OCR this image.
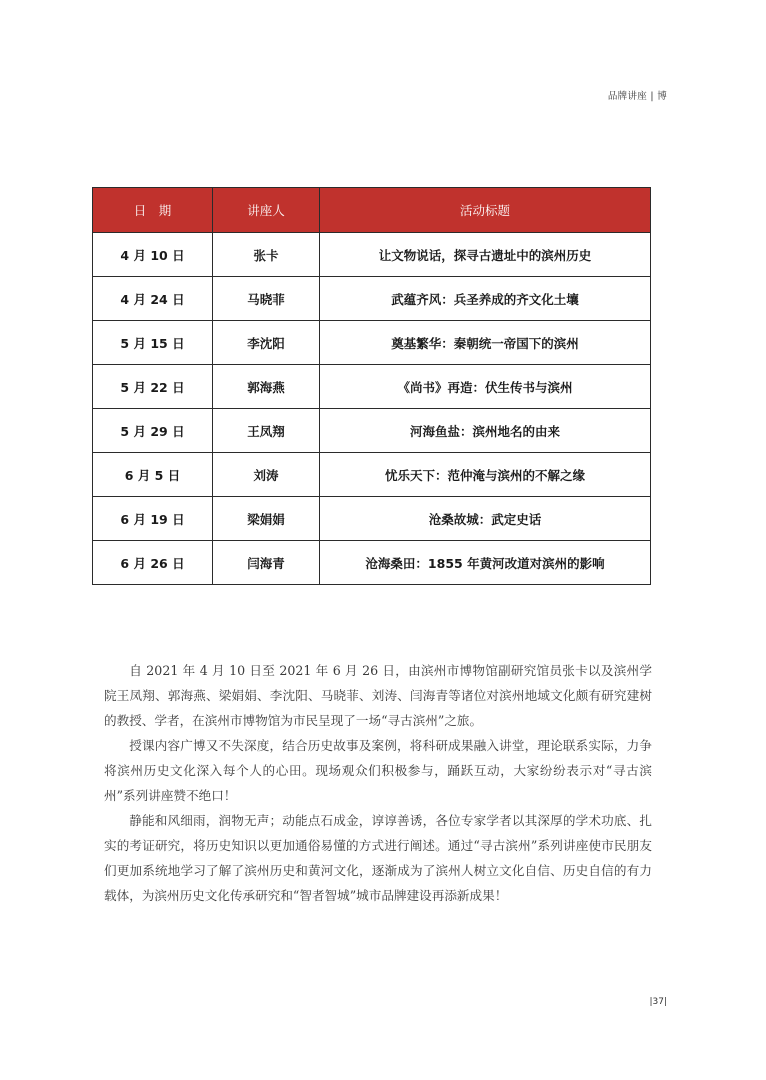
品牌讲座 | 博
日　期	讲座人	活动标题
4 月 10 日	张卡	让文物说话，探寻古遗址中的滨州历史
4 月 24 日	马晓菲	武蕴齐风：兵圣养成的齐文化土壤
5 月 15 日	李沈阳	奠基繁华：秦朝统一帝国下的滨州
5 月 22 日	郭海燕	《尚书》再造：伏生传书与滨州
5 月 29 日	王凤翔	河海鱼盐：滨州地名的由来
6 月 5 日	刘涛	忧乐天下：范仲淹与滨州的不解之缘
6 月 19 日	梁娟娟	沧桑故城：武定史话
6 月 26 日	闫海青	沧海桑田：1855 年黄河改道对滨州的影响

自 2021 年 4 月 10 日至 2021 年 6 月 26 日，由滨州市博物馆副研究馆员张卡以及滨州学院王凤翔、郭海燕、梁娟娟、李沈阳、马晓菲、刘涛、闫海青等诸位对滨州地域文化颇有研究建树的教授、学者，在滨州市博物馆为市民呈现了一场“寻古滨州”之旅。

授课内容广博又不失深度，结合历史故事及案例，将科研成果融入讲堂，理论联系实际，力争将滨州历史文化深入每个人的心田。现场观众们积极参与，踊跃互动，大家纷纷表示对“寻古滨州”系列讲座赞不绝口！

静能和风细雨，润物无声；动能点石成金，谆谆善诱，各位专家学者以其深厚的学术功底、扎实的考证研究，将历史知识以更加通俗易懂的方式进行阐述。通过“寻古滨州”系列讲座使市民朋友们更加系统地学习了解了滨州历史和黄河文化，逐渐成为了滨州人树立文化自信、历史自信的有力载体，为滨州历史文化传承研究和“智者智城”城市品牌建设再添新成果！

|37|
